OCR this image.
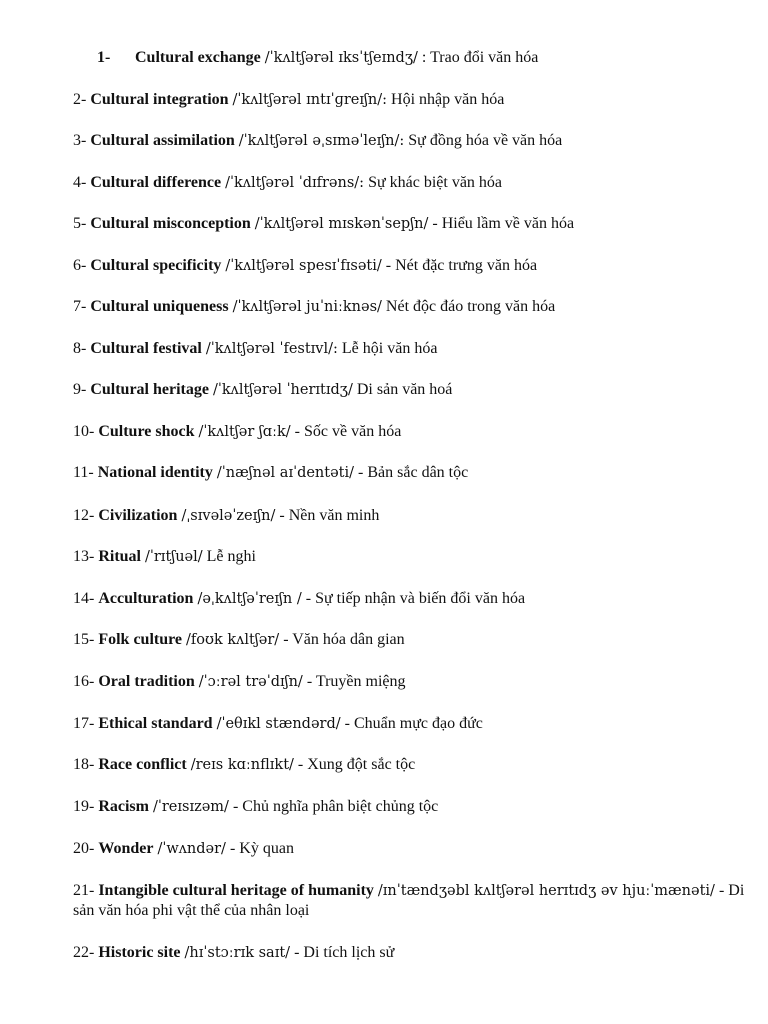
1- Cultural exchange /ˈkʌltʃərəl ɪksˈtʃeɪndʒ/ : Trao đổi văn hóa
2- Cultural integration /ˈkʌltʃərəl ɪntɪˈɡreɪʃn/: Hội nhập văn hóa
3- Cultural assimilation /ˈkʌltʃərəl əˌsɪməˈleɪʃn/: Sự đồng hóa về văn hóa
4- Cultural difference /ˈkʌltʃərəl ˈdɪfrəns/: Sự khác biệt văn hóa
5- Cultural misconception /ˈkʌltʃərəl mɪskənˈsepʃn/ - Hiểu lầm về văn hóa
6- Cultural specificity /ˈkʌltʃərəl spesɪˈfɪsəti/ - Nét đặc trưng văn hóa
7- Cultural uniqueness /ˈkʌltʃərəl juˈniːknəs/ Nét độc đáo trong văn hóa
8- Cultural festival /ˈkʌltʃərəl ˈfestɪvl/: Lễ hội văn hóa
9- Cultural heritage /ˈkʌltʃərəl ˈherɪtɪdʒ/ Di sản văn hoá
10- Culture shock /ˈkʌltʃər ʃɑːk/ - Sốc về văn hóa
11- National identity /ˈnæʃnəl aɪˈdentəti/ - Bản sắc dân tộc
12- Civilization /ˌsɪvələˈzeɪʃn/ - Nền văn minh
13- Ritual /ˈrɪtʃuəl/ Lễ nghi
14- Acculturation /əˌkʌltʃəˈreɪʃn / - Sự tiếp nhận và biến đổi văn hóa
15- Folk culture /foʊk kʌltʃər/ - Văn hóa dân gian
16- Oral tradition /ˈɔːrəl trəˈdɪʃn/ - Truyền miệng
17- Ethical standard /ˈeθɪkl stændərd/ - Chuẩn mực đạo đức
18- Race conflict /reɪs kɑːnflɪkt/ - Xung đột sắc tộc
19- Racism /ˈreɪsɪzəm/ - Chủ nghĩa phân biệt chủng tộc
20- Wonder /ˈwʌndər/ - Kỳ quan
21- Intangible cultural heritage of humanity /ɪnˈtændʒəbl kʌltʃərəl herɪtɪdʒ əv hjuːˈmænəti/ - Di sản văn hóa phi vật thể của nhân loại
22- Historic site /hɪˈstɔːrɪk saɪt/ - Di tích lịch sử
